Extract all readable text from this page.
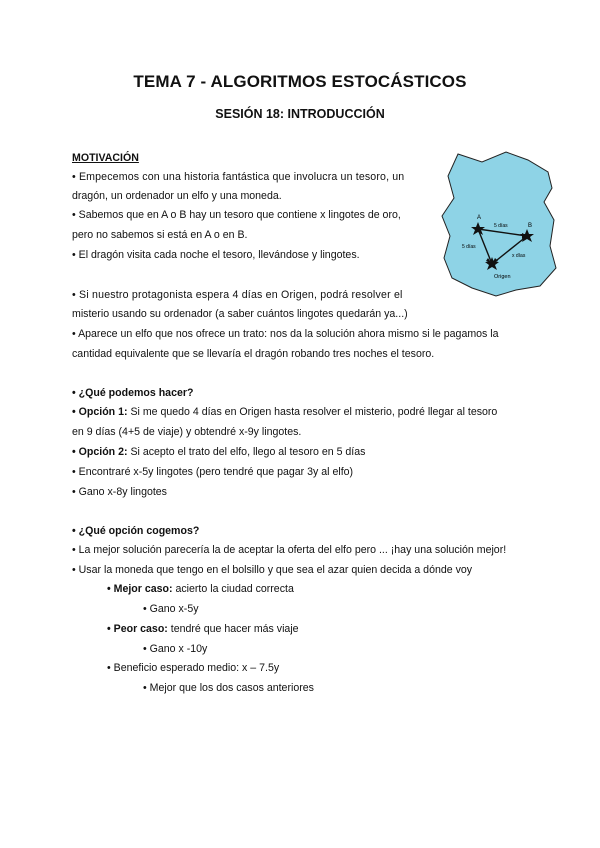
TEMA 7 - ALGORITMOS ESTOCÁSTICOS
SESIÓN 18: INTRODUCCIÓN
MOTIVACIÓN
• Empecemos con una historia fantástica que involucra un tesoro, un
dragón, un ordenador un elfo y una moneda.
• Sabemos que en A o B hay un tesoro que contiene x lingotes de oro,
pero no sabemos si está en A o en B.
• El dragón visita cada noche el tesoro, llevándose y lingotes.
• Si nuestro protagonista espera 4 días en Origen, podrá resolver el
misterio usando su ordenador (a saber cuántos lingotes quedarán ya...)
• Aparece un elfo que nos ofrece un trato: nos da la solución ahora mismo si le pagamos la
cantidad equivalente que se llevaría el dragón robando tres noches el tesoro.
A
B
5 días
5 días
x días
Origen
• ¿Qué podemos hacer?
• Opción 1: Si me quedo 4 días en Origen hasta resolver el misterio, podré llegar al tesoro
en 9 días (4+5 de viaje) y obtendré x-9y lingotes.
• Opción 2: Si acepto el trato del elfo, llego al tesoro en 5 días
• Encontraré x-5y lingotes (pero tendré que pagar 3y al elfo)
• Gano x-8y lingotes
• ¿Qué opción cogemos?
• La mejor solución parecería la de aceptar la oferta del elfo pero ... ¡hay una solución mejor!
• Usar la moneda que tengo en el bolsillo y que sea el azar quien decida a dónde voy
• Mejor caso: acierto la ciudad correcta
• Gano x-5y
• Peor caso: tendré que hacer más viaje
• Gano x -10y
• Beneficio esperado medio: x – 7.5y
• Mejor que los dos casos anteriores
